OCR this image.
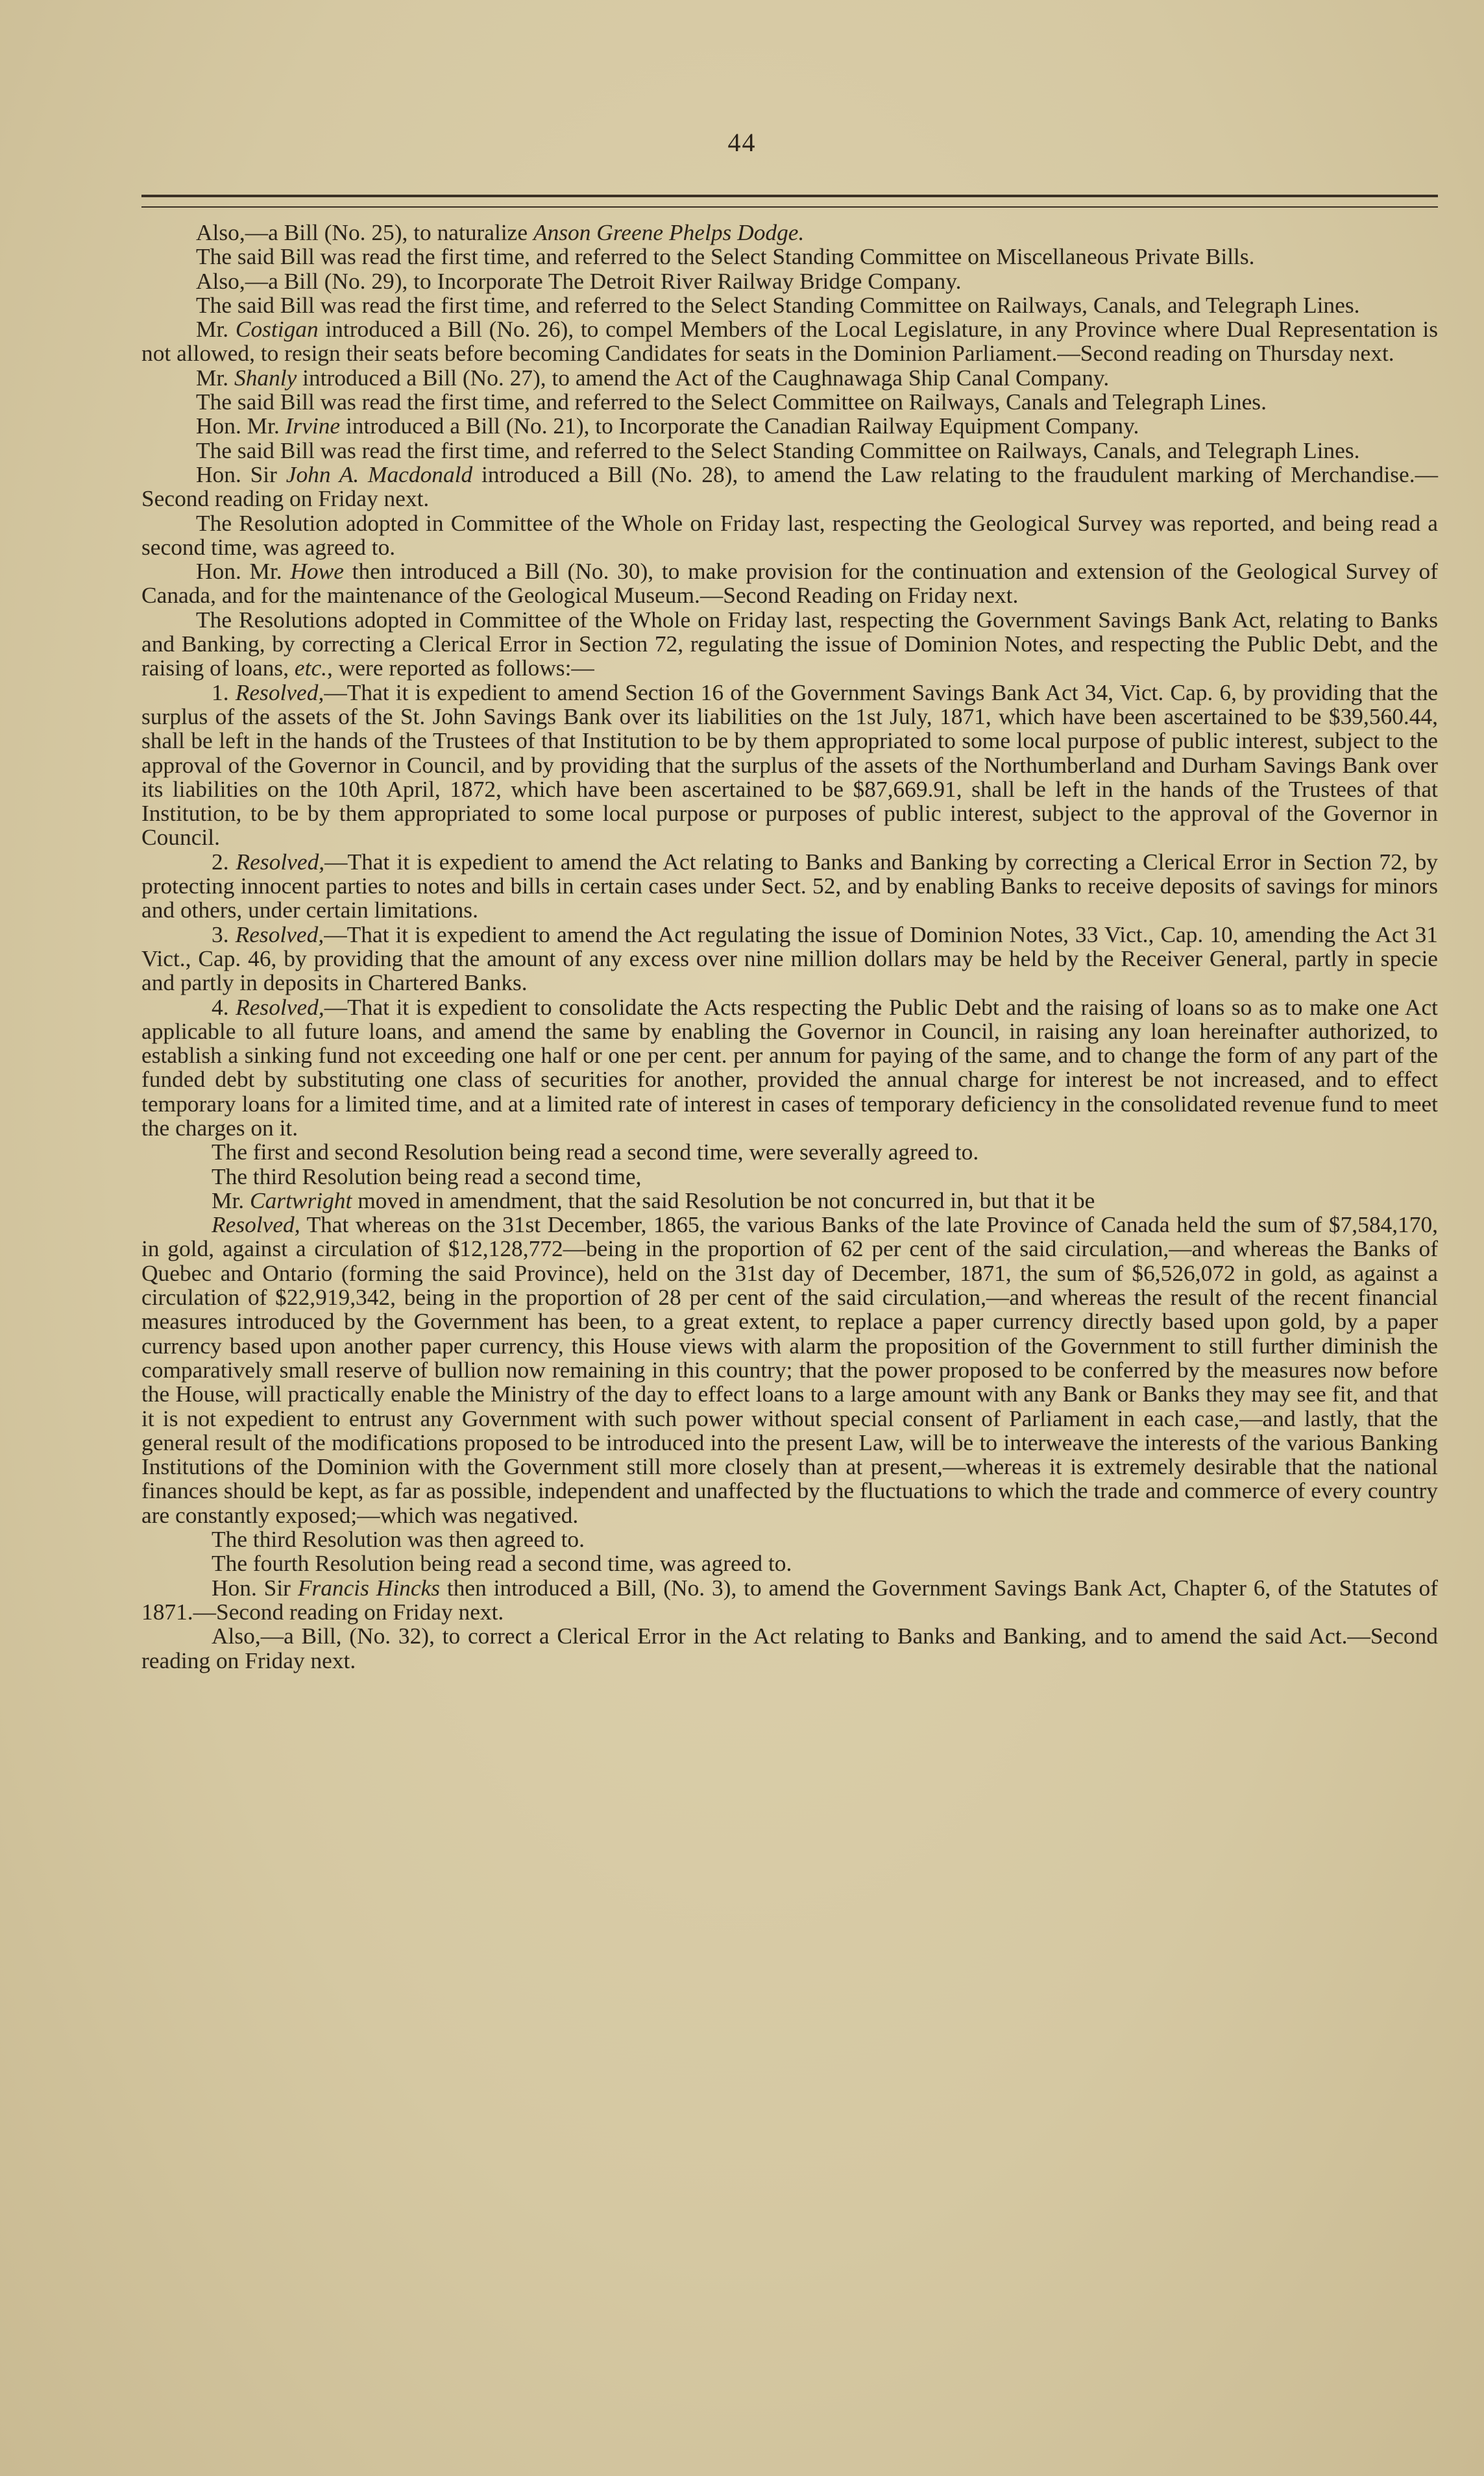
44

Also,—a Bill (No. 25), to naturalize Anson Greene Phelps Dodge.

The said Bill was read the first time, and referred to the Select Standing Committee on Miscellaneous Private Bills.

Also,—a Bill (No. 29), to Incorporate The Detroit River Railway Bridge Company.

The said Bill was read the first time, and referred to the Select Standing Committee on Railways, Canals, and Telegraph Lines.

Mr. Costigan introduced a Bill (No. 26), to compel Members of the Local Legislature, in any Province where Dual Representation is not allowed, to resign their seats before becoming Candidates for seats in the Dominion Parliament.—Second reading on Thursday next.

Mr. Shanly introduced a Bill (No. 27), to amend the Act of the Caughnawaga Ship Canal Company.

The said Bill was read the first time, and referred to the Select Committee on Railways, Canals and Telegraph Lines.

Hon. Mr. Irvine introduced a Bill (No. 21), to Incorporate the Canadian Railway Equipment Company.

The said Bill was read the first time, and referred to the Select Standing Committee on Railways, Canals, and Telegraph Lines.

Hon. Sir John A. Macdonald introduced a Bill (No. 28), to amend the Law relating to the fraudulent marking of Merchandise.—Second reading on Friday next.

The Resolution adopted in Committee of the Whole on Friday last, respecting the Geological Survey was reported, and being read a second time, was agreed to.

Hon. Mr. Howe then introduced a Bill (No. 30), to make provision for the continuation and extension of the Geological Survey of Canada, and for the maintenance of the Geological Museum.—Second Reading on Friday next.

The Resolutions adopted in Committee of the Whole on Friday last, respecting the Government Savings Bank Act, relating to Banks and Banking, by correcting a Clerical Error in Section 72, regulating the issue of Dominion Notes, and respecting the Public Debt, and the raising of loans, etc., were reported as follows:—

1. Resolved,—That it is expedient to amend Section 16 of the Government Savings Bank Act 34, Vict. Cap. 6, by providing that the surplus of the assets of the St. John Savings Bank over its liabilities on the 1st July, 1871, which have been ascertained to be $39,560.44, shall be left in the hands of the Trustees of that Institution to be by them appropriated to some local purpose of public interest, subject to the approval of the Governor in Council, and by providing that the surplus of the assets of the Northumberland and Durham Savings Bank over its liabilities on the 10th April, 1872, which have been ascertained to be $87,669.91, shall be left in the hands of the Trustees of that Institution, to be by them appropriated to some local purpose or purposes of public interest, subject to the approval of the Governor in Council.

2. Resolved,—That it is expedient to amend the Act relating to Banks and Banking by correcting a Clerical Error in Section 72, by protecting innocent parties to notes and bills in certain cases under Sect. 52, and by enabling Banks to receive deposits of savings for minors and others, under certain limitations.

3. Resolved,—That it is expedient to amend the Act regulating the issue of Dominion Notes, 33 Vict., Cap. 10, amending the Act 31 Vict., Cap. 46, by providing that the amount of any excess over nine million dollars may be held by the Receiver General, partly in specie and partly in deposits in Chartered Banks.

4. Resolved,—That it is expedient to consolidate the Acts respecting the Public Debt and the raising of loans so as to make one Act applicable to all future loans, and amend the same by enabling the Governor in Council, in raising any loan hereinafter authorized, to establish a sinking fund not exceeding one half or one per cent. per annum for paying of the same, and to change the form of any part of the funded debt by substituting one class of securities for another, provided the annual charge for interest be not increased, and to effect temporary loans for a limited time, and at a limited rate of interest in cases of temporary deficiency in the consolidated revenue fund to meet the charges on it.

The first and second Resolution being read a second time, were severally agreed to.

The third Resolution being read a second time,

Mr. Cartwright moved in amendment, that the said Resolution be not concurred in, but that it be

Resolved, That whereas on the 31st December, 1865, the various Banks of the late Province of Canada held the sum of $7,584,170, in gold, against a circulation of $12,128,772—being in the proportion of 62 per cent of the said circulation,—and whereas the Banks of Quebec and Ontario (forming the said Province), held on the 31st day of December, 1871, the sum of $6,526,072 in gold, as against a circulation of $22,919,342, being in the proportion of 28 per cent of the said circulation,—and whereas the result of the recent financial measures introduced by the Government has been, to a great extent, to replace a paper currency directly based upon gold, by a paper currency based upon another paper currency, this House views with alarm the proposition of the Government to still further diminish the comparatively small reserve of bullion now remaining in this country; that the power proposed to be conferred by the measures now before the House, will practically enable the Ministry of the day to effect loans to a large amount with any Bank or Banks they may see fit, and that it is not expedient to entrust any Government with such power without special consent of Parliament in each case,—and lastly, that the general result of the modifications proposed to be introduced into the present Law, will be to interweave the interests of the various Banking Institutions of the Dominion with the Government still more closely than at present,—whereas it is extremely desirable that the national finances should be kept, as far as possible, independent and unaffected by the fluctuations to which the trade and commerce of every country are constantly exposed;—which was negatived.

The third Resolution was then agreed to.

The fourth Resolution being read a second time, was agreed to.

Hon. Sir Francis Hincks then introduced a Bill, (No. 3), to amend the Government Savings Bank Act, Chapter 6, of the Statutes of 1871.—Second reading on Friday next.

Also,—a Bill, (No. 32), to correct a Clerical Error in the Act relating to Banks and Banking, and to amend the said Act.—Second reading on Friday next.
